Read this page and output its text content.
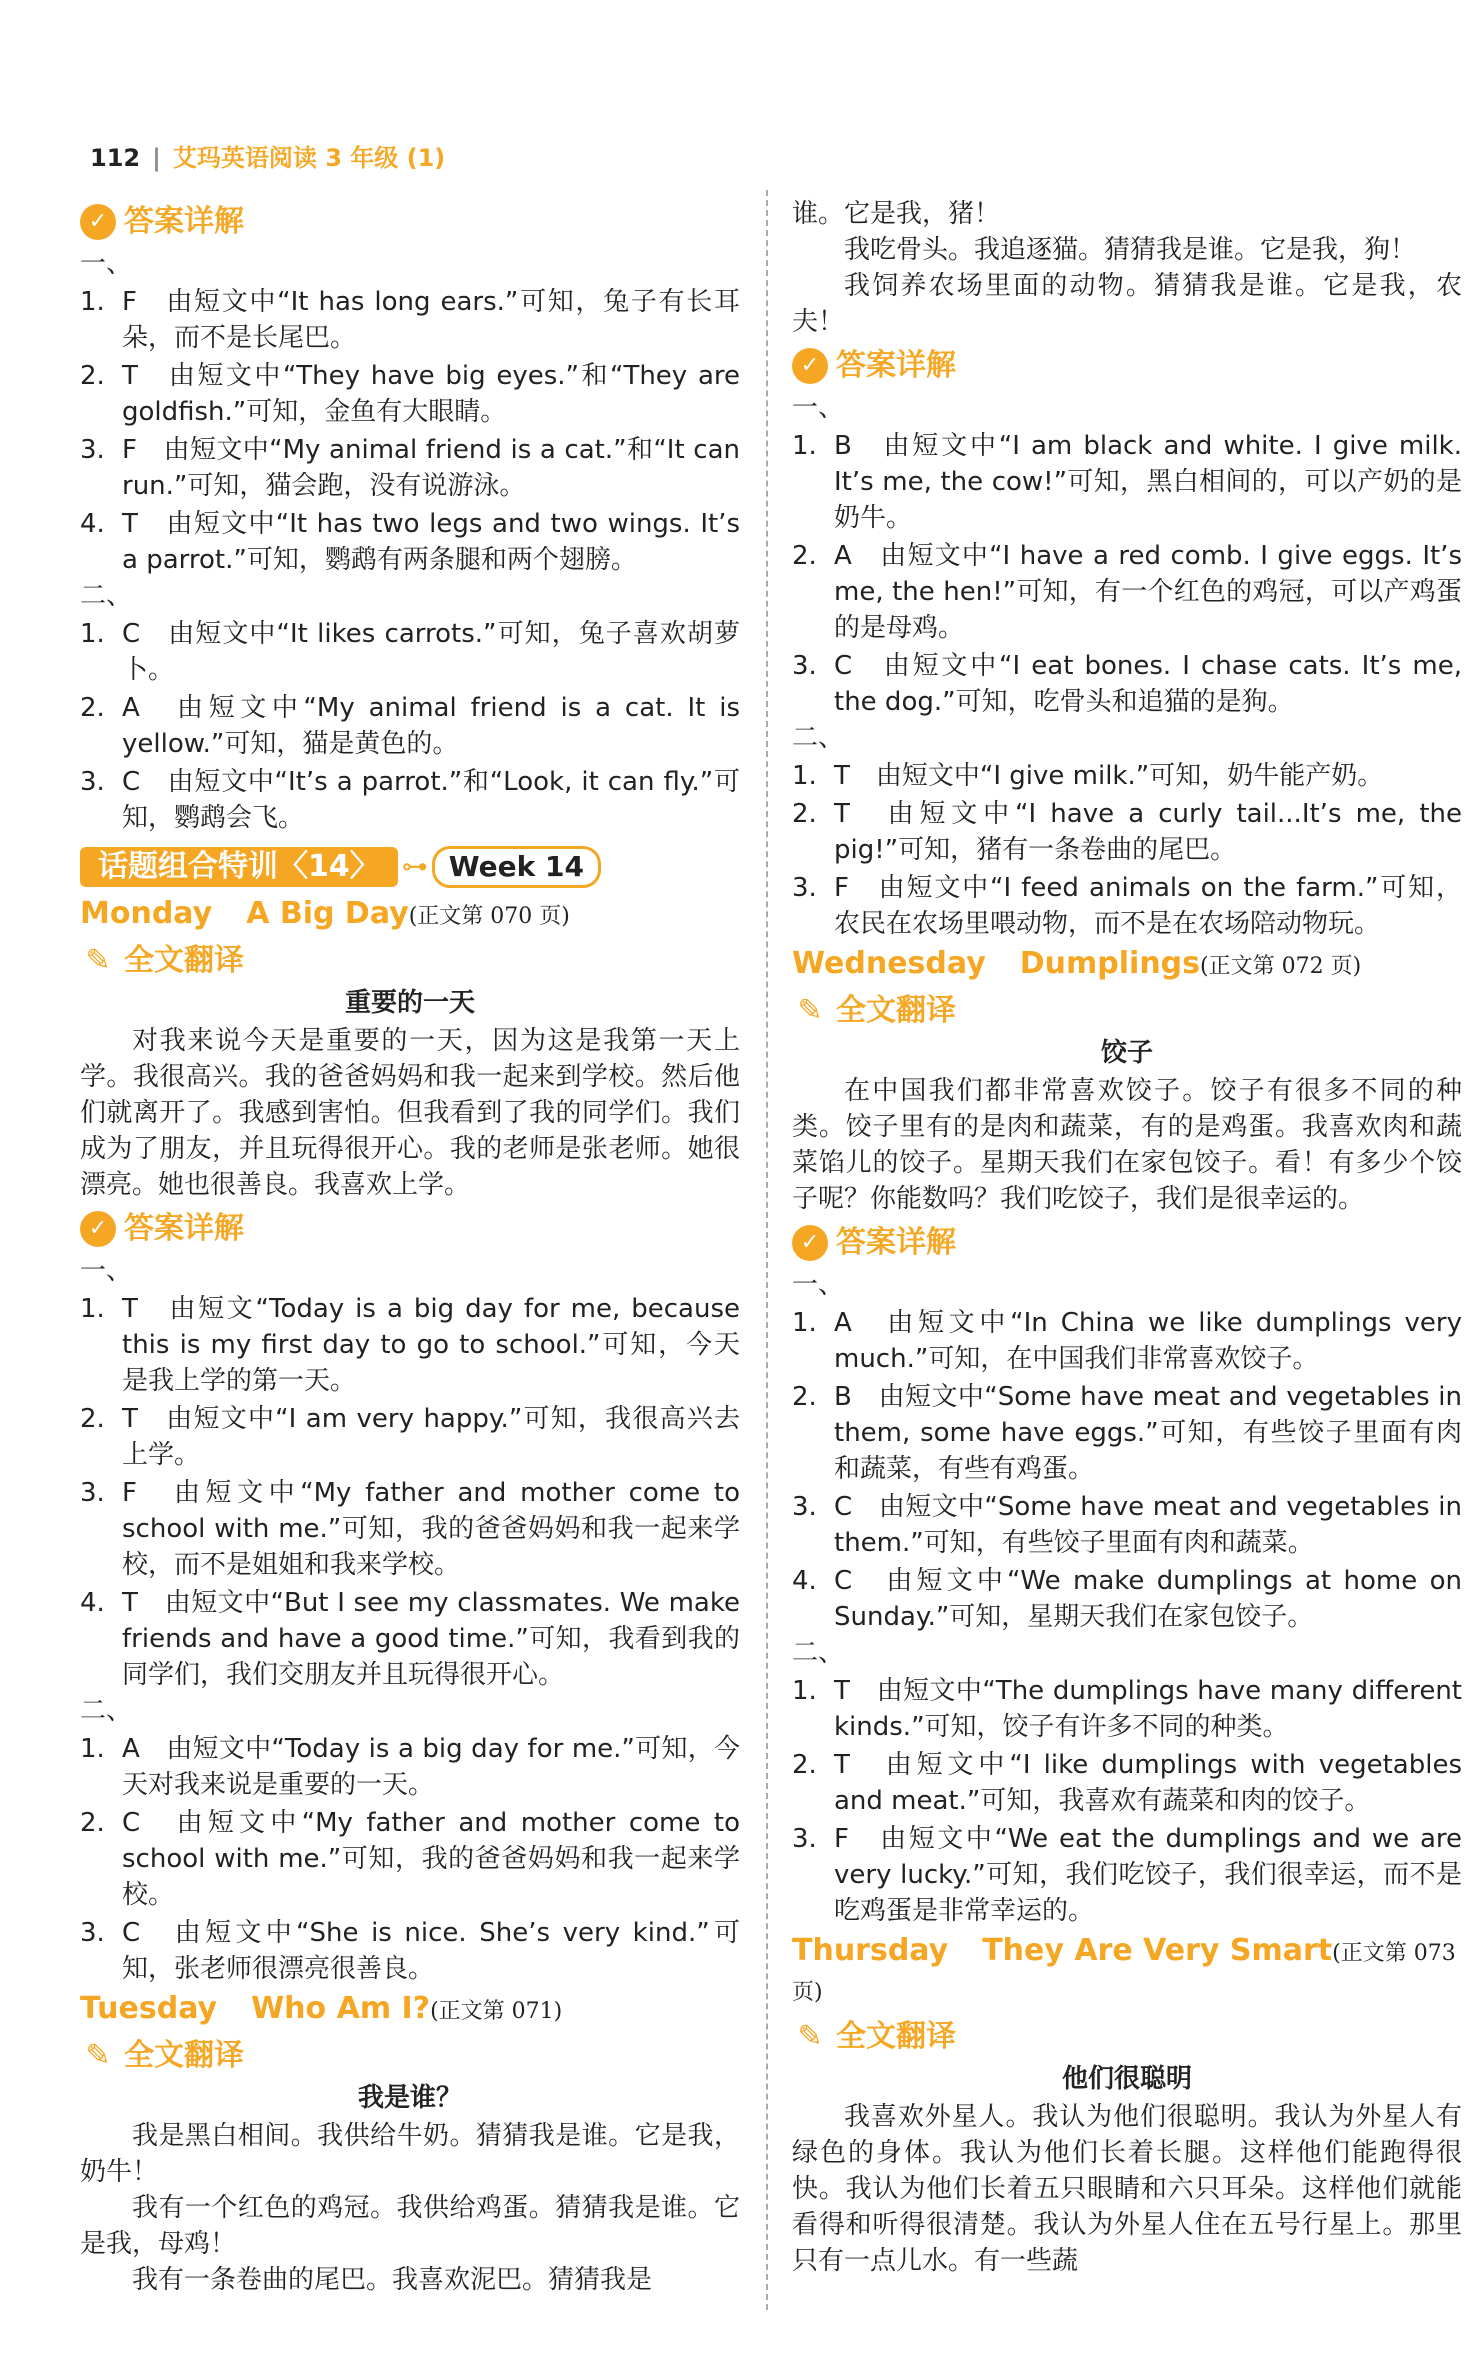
112 | 艾玛英语阅读 3 年级 (1)
✓ 答案详解
一、
1. F　由短文中“It has long ears.”可知，兔子有长耳朵，而不是长尾巴。
2. T　由短文中“They have big eyes.”和“They are goldfish.”可知，金鱼有大眼睛。
3. F　由短文中“My animal friend is a cat.”和“It can run.”可知，猫会跑，没有说游泳。
4. T　由短文中“It has two legs and two wings. It’s a parrot.”可知，鹦鹉有两条腿和两个翅膀。
二、
1. C　由短文中“It likes carrots.”可知，兔子喜欢胡萝卜。
2. A　由短文中“My animal friend is a cat. It is yellow.”可知，猫是黄色的。
3. C　由短文中“It’s a parrot.”和“Look, it can fly.”可知，鹦鹉会飞。
话题组合特训〈14〉 ⊶ Week 14
Monday A Big Day(正文第 070 页)
✎ 全文翻译
重要的一天
对我来说今天是重要的一天，因为这是我第一天上学。我很高兴。我的爸爸妈妈和我一起来到学校。然后他们就离开了。我感到害怕。但我看到了我的同学们。我们成为了朋友，并且玩得很开心。我的老师是张老师。她很漂亮。她也很善良。我喜欢上学。
✓ 答案详解
一、
1. T　由短文“Today is a big day for me, because this is my first day to go to school.”可知，今天是我上学的第一天。
2. T　由短文中“I am very happy.”可知，我很高兴去上学。
3. F　由短文中“My father and mother come to school with me.”可知，我的爸爸妈妈和我一起来学校，而不是姐姐和我来学校。
4. T　由短文中“But I see my classmates. We make friends and have a good time.”可知，我看到我的同学们，我们交朋友并且玩得很开心。
二、
1. A　由短文中“Today is a big day for me.”可知，今天对我来说是重要的一天。
2. C　由短文中“My father and mother come to school with me.”可知，我的爸爸妈妈和我一起来学校。
3. C　由短文中“She is nice. She’s very kind.”可知，张老师很漂亮很善良。
Tuesday Who Am I?(正文第 071)
✎ 全文翻译
我是谁？
我是黑白相间。我供给牛奶。猜猜我是谁。它是我，奶牛！
我有一个红色的鸡冠。我供给鸡蛋。猜猜我是谁。它是我，母鸡！
我有一条卷曲的尾巴。我喜欢泥巴。猜猜我是
谁。它是我，猪！
我吃骨头。我追逐猫。猜猜我是谁。它是我，狗！
我饲养农场里面的动物。猜猜我是谁。它是我，农夫！
✓ 答案详解
一、
1. B　由短文中“I am black and white. I give milk. It’s me, the cow!”可知，黑白相间的，可以产奶的是奶牛。
2. A　由短文中“I have a red comb. I give eggs. It’s me, the hen!”可知，有一个红色的鸡冠，可以产鸡蛋的是母鸡。
3. C　由短文中“I eat bones. I chase cats. It’s me, the dog.”可知，吃骨头和追猫的是狗。
二、
1. T　由短文中“I give milk.”可知，奶牛能产奶。
2. T　由短文中“I have a curly tail...It’s me, the pig!”可知，猪有一条卷曲的尾巴。
3. F　由短文中“I feed animals on the farm.”可知，农民在农场里喂动物，而不是在农场陪动物玩。
Wednesday Dumplings(正文第 072 页)
✎ 全文翻译
饺子
在中国我们都非常喜欢饺子。饺子有很多不同的种类。饺子里有的是肉和蔬菜，有的是鸡蛋。我喜欢肉和蔬菜馅儿的饺子。星期天我们在家包饺子。看！有多少个饺子呢？你能数吗？我们吃饺子，我们是很幸运的。
✓ 答案详解
一、
1. A　由短文中“In China we like dumplings very much.”可知，在中国我们非常喜欢饺子。
2. B　由短文中“Some have meat and vegetables in them, some have eggs.”可知，有些饺子里面有肉和蔬菜，有些有鸡蛋。
3. C　由短文中“Some have meat and vegetables in them.”可知，有些饺子里面有肉和蔬菜。
4. C　由短文中“We make dumplings at home on Sunday.”可知，星期天我们在家包饺子。
二、
1. T　由短文中“The dumplings have many different kinds.”可知，饺子有许多不同的种类。
2. T　由短文中“I like dumplings with vegetables and meat.”可知，我喜欢有蔬菜和肉的饺子。
3. F　由短文中“We eat the dumplings and we are very lucky.”可知，我们吃饺子，我们很幸运，而不是吃鸡蛋是非常幸运的。
Thursday They Are Very Smart(正文第 073 页)
✎ 全文翻译
他们很聪明
我喜欢外星人。我认为他们很聪明。我认为外星人有绿色的身体。我认为他们长着长腿。这样他们能跑得很快。我认为他们长着五只眼睛和六只耳朵。这样他们就能看得和听得很清楚。我认为外星人住在五号行星上。那里只有一点儿水。有一些蔬
